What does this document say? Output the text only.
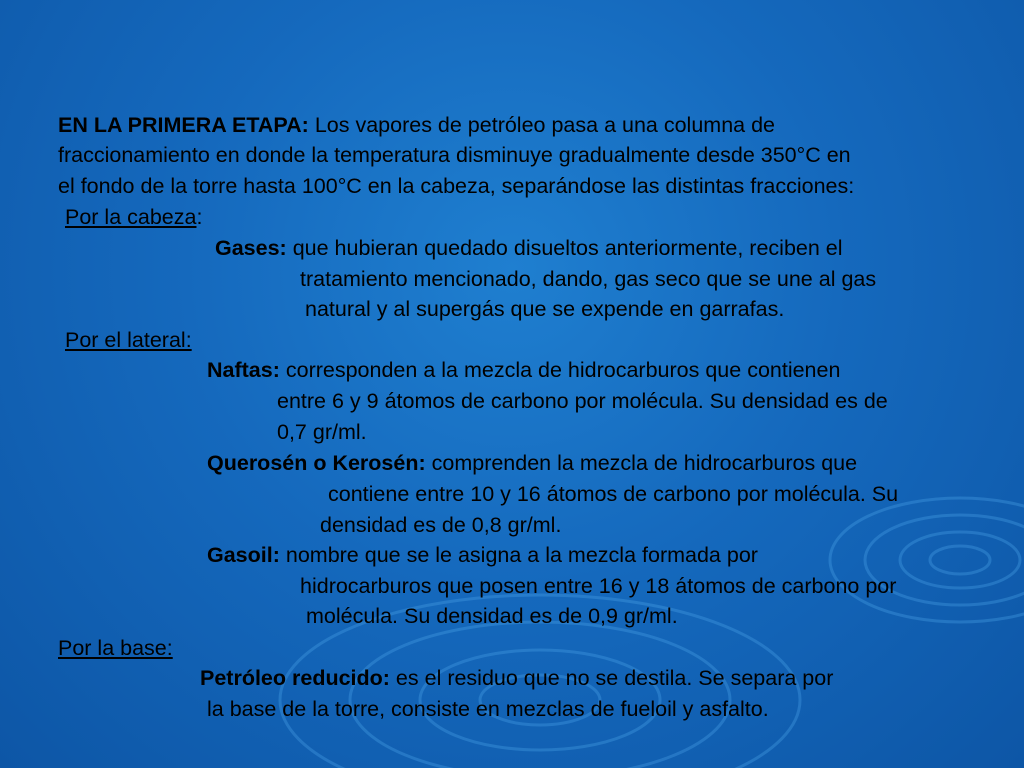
EN LA PRIMERA ETAPA: Los vapores de petróleo pasa a una columna de
fraccionamiento en donde la temperatura disminuye gradualmente desde 350°C en
el fondo de la torre hasta 100°C en la cabeza, separándose las distintas fracciones:
Por la cabeza:
Gases: que hubieran quedado disueltos anteriormente, reciben el
tratamiento mencionado, dando, gas seco que se une al gas
natural y al supergás que se expende en garrafas.
Por el lateral:
Naftas: corresponden a la mezcla de hidrocarburos que contienen
entre 6 y 9 átomos de carbono por molécula. Su densidad es de
0,7 gr/ml.
Querosén o Kerosén: comprenden la mezcla de hidrocarburos que
contiene entre 10 y 16 átomos de carbono por molécula. Su
densidad es de 0,8 gr/ml.
Gasoil: nombre que se le asigna a la mezcla formada por
hidrocarburos que posen entre 16 y 18 átomos de carbono por
molécula. Su densidad es de 0,9 gr/ml.
Por la base:
Petróleo reducido: es el residuo que no se destila. Se separa por
la base de la torre, consiste en mezclas de fueloil y asfalto.
